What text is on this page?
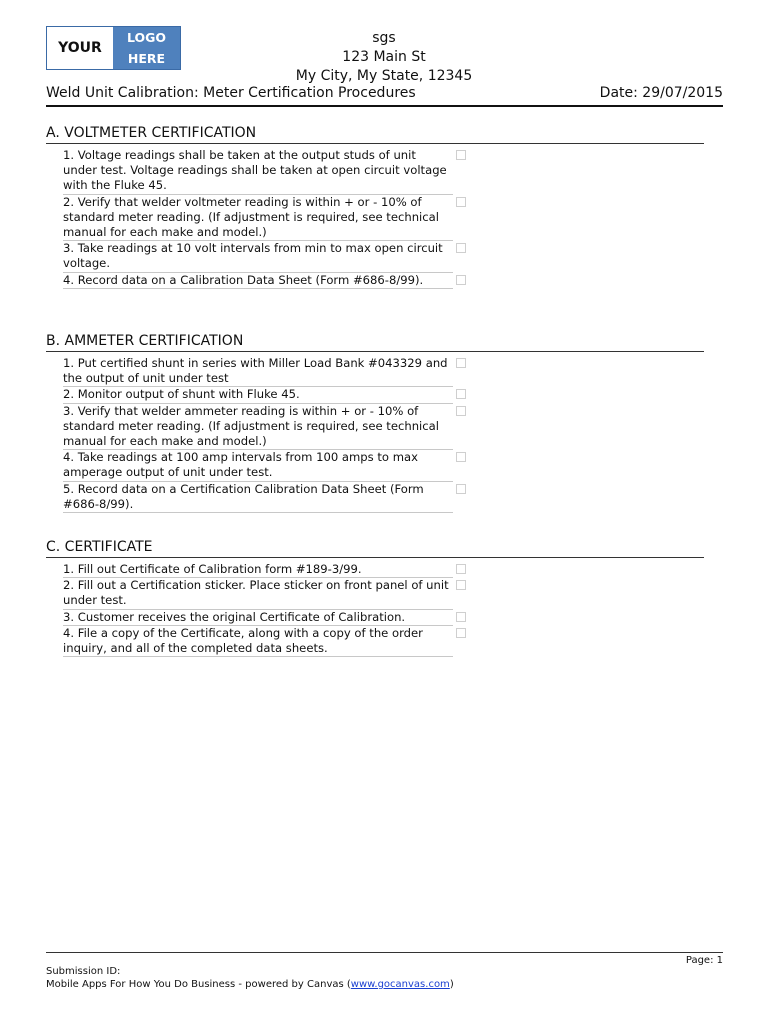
YOUR
LOGO
HERE
sgs
123 Main St
My City, My State, 12345
Weld Unit Calibration: Meter Certification Procedures	Date: 29/07/2015
A. VOLTMETER CERTIFICATION
1. Voltage readings shall be taken at the output studs of unit under test. Voltage readings shall be taken at open circuit voltage with the Fluke 45.
2. Verify that welder voltmeter reading is within + or - 10% of standard meter reading. (If adjustment is required, see technical manual for each make and model.)
3. Take readings at 10 volt intervals from min to max open circuit voltage.
4. Record data on a Calibration Data Sheet (Form #686-8/99).
B. AMMETER CERTIFICATION
1. Put certified shunt in series with Miller Load Bank #043329 and the output of unit under test
2. Monitor output of shunt with Fluke 45.
3. Verify that welder ammeter reading is within + or - 10% of standard meter reading. (If adjustment is required, see technical manual for each make and model.)
4. Take readings at 100 amp intervals from 100 amps to max amperage output of unit under test.
5. Record data on a Certification Calibration Data Sheet (Form #686-8/99).
C. CERTIFICATE
1. Fill out Certificate of Calibration form #189-3/99.
2. Fill out a Certification sticker. Place sticker on front panel of unit under test.
3. Customer receives the original Certificate of Calibration.
4. File a copy of the Certificate, along with a copy of the order inquiry, and all of the completed data sheets.
Page: 1
Submission ID:
Mobile Apps For How You Do Business - powered by Canvas (www.gocanvas.com)
